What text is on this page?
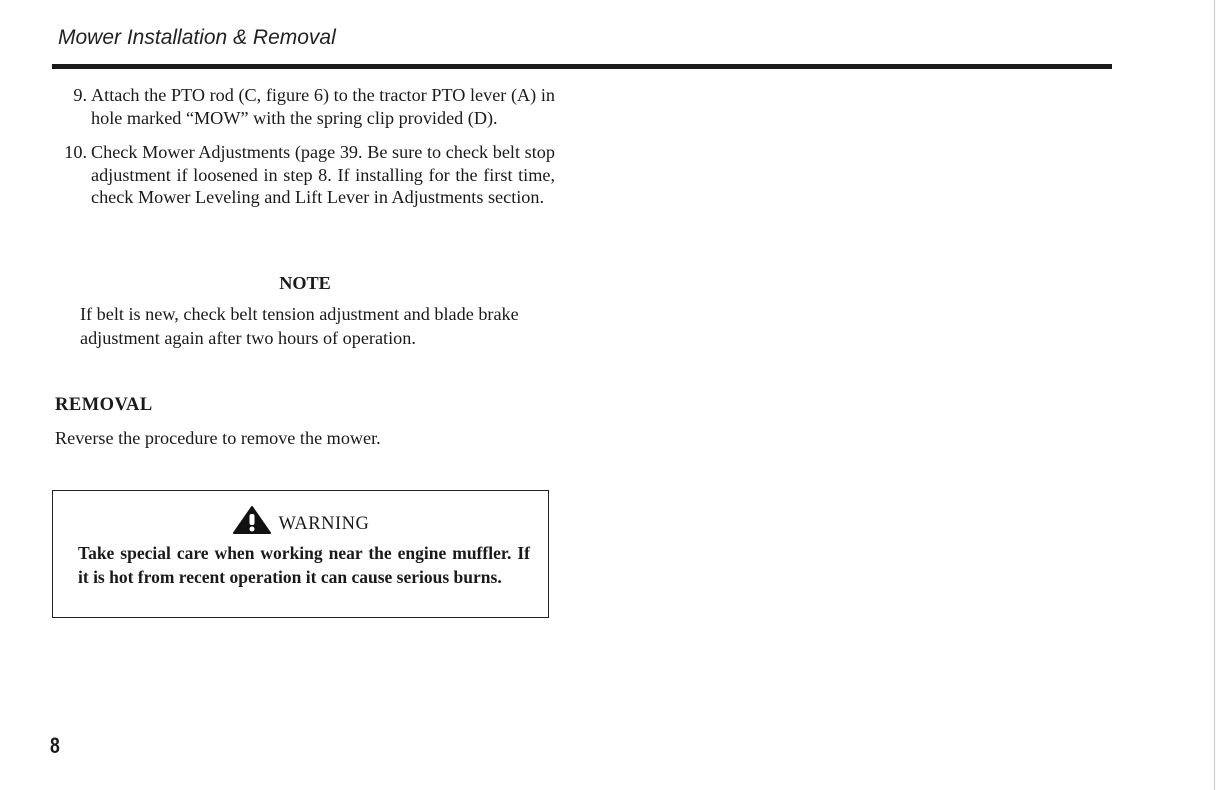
Mower Installation & Removal
9. Attach the PTO rod (C, figure 6) to the tractor PTO lever (A) in hole marked “MOW” with the spring clip provided (D).
10. Check Mower Adjustments (page 39. Be sure to check belt stop adjustment if loosened in step 8. If installing for the first time, check Mower Leveling and Lift Lever in Adjustments section.
NOTE
If belt is new, check belt tension adjustment and blade brake adjustment again after two hours of operation.
REMOVAL
Reverse the procedure to remove the mower.
WARNING
Take special care when working near the engine muffler. If it is hot from recent operation it can cause serious burns.
8
